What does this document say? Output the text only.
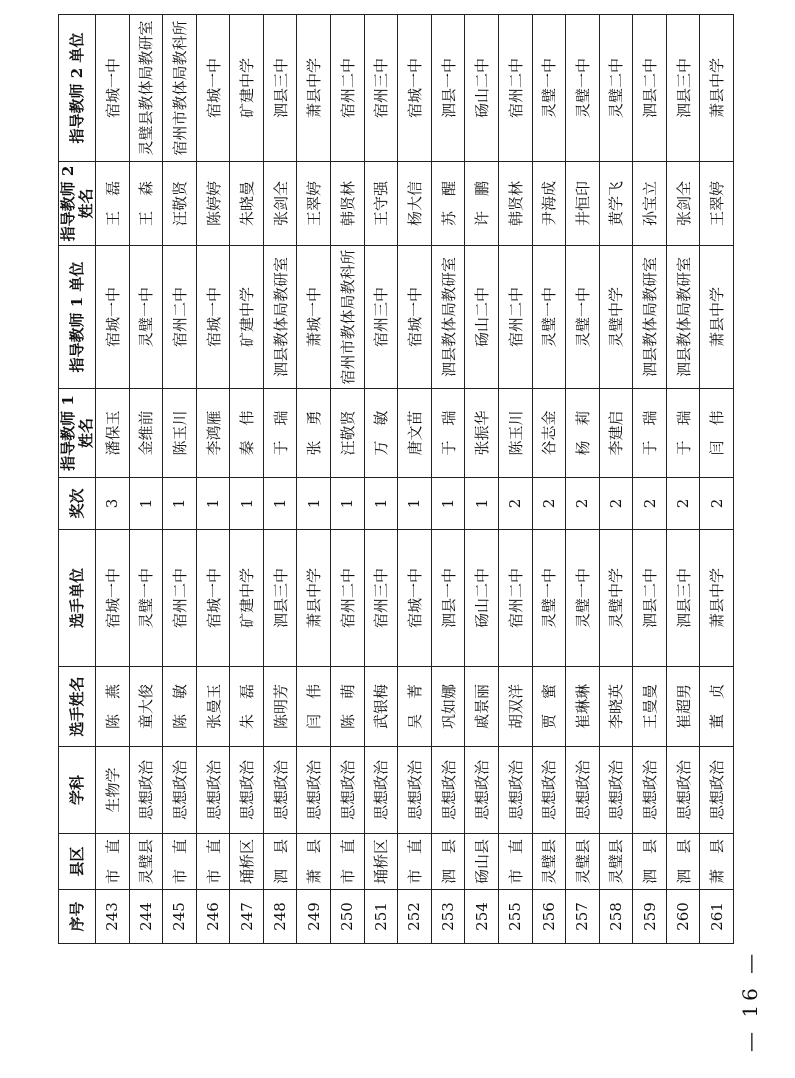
序号	县区	学科	选手姓名	选手单位	奖次	指导教师 1 姓名	指导教师 1 单位	指导教师 2 姓名	指导教师 2 单位
243	市　直	生物学	陈　燕	宿城一中	3	潘保玉	宿城一中	王　磊	宿城一中
244	灵璧县	思想政治	童大俊	灵璧一中	1	金维前	灵璧一中	王　森	灵璧县教体局教研室
245	市　直	思想政治	陈　敏	宿州二中	1	陈玉川	宿州二中	汪敬贤	宿州市教体局教科所
246	市　直	思想政治	张曼玉	宿城一中	1	李鸿雁	宿城一中	陈婷婷	宿城一中
247	埇桥区	思想政治	朱　磊	矿建中学	1	秦　伟	矿建中学	朱晓曼	矿建中学
248	泗　县	思想政治	陈明芳	泗县三中	1	于　瑞	泗县教体局教研室	张剑全	泗县三中
249	萧　县	思想政治	闫　伟	萧县中学	1	张　勇	萧城一中	王翠婷	萧县中学
250	市　直	思想政治	陈　萌	宿州二中	1	汪敬贤	宿州市教体局教科所	韩贤林	宿州二中
251	埇桥区	思想政治	武银梅	宿州三中	1	万　敏	宿州三中	王守强	宿州三中
252	市　直	思想政治	吴　菁	宿城一中	1	唐文苗	宿城一中	杨大信	宿城一中
253	泗　县	思想政治	巩如娜	泗县一中	1	于　瑞	泗县教体局教研室	苏　醒	泗县一中
254	砀山县	思想政治	戚景丽	砀山二中	1	张振华	砀山二中	许　鹏	砀山二中
255	市　直	思想政治	胡双洋	宿州二中	2	陈玉川	宿州二中	韩贤林	宿州二中
256	灵璧县	思想政治	贾　蜜	灵璧一中	2	谷志金	灵璧一中	尹海成	灵璧一中
257	灵璧县	思想政治	崔琳琳	灵璧一中	2	杨　莉	灵璧一中	井恒印	灵璧一中
258	灵璧县	思想政治	李晓英	灵璧中学	2	李建启	灵璧中学	黄学飞	灵璧二中
259	泗　县	思想政治	王曼曼	泗县二中	2	于　瑞	泗县教体局教研室	孙宝立	泗县二中
260	泗　县	思想政治	崔超男	泗县三中	2	于　瑞	泗县教体局教研室	张剑全	泗县三中
261	萧　县	思想政治	董　贞	萧县中学	2	闫　伟	萧县中学	王翠婷	萧县中学
— 16 —
